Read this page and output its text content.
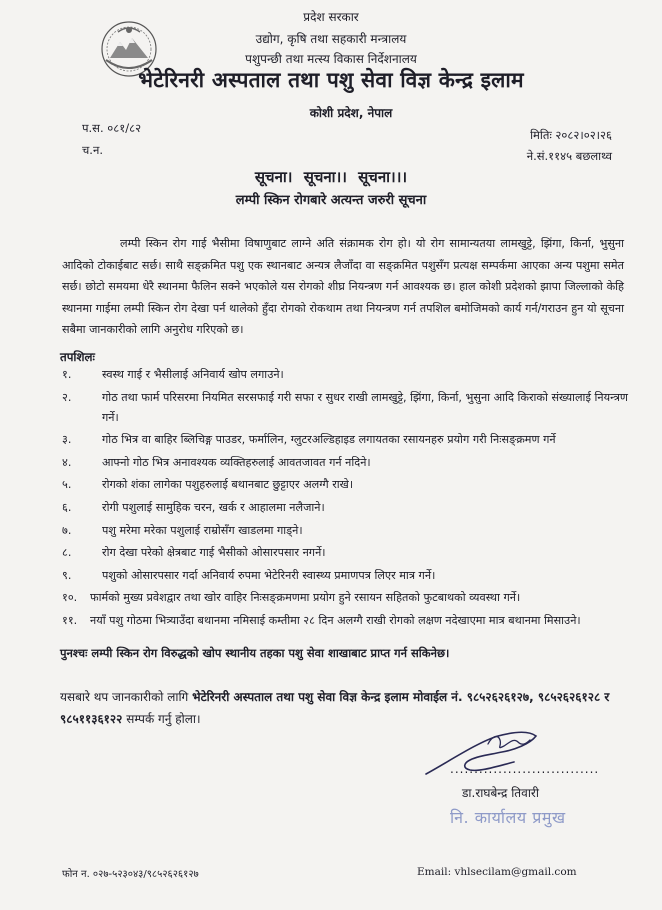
प्रदेश सरकार
उद्योग, कृषि तथा सहकारी मन्त्रालय
पशुपन्छी तथा मत्स्य विकास निर्देशनालय
भेटेरिनरी अस्पताल तथा पशु सेवा विज्ञ केन्द्र इलाम
कोशी प्रदेश, नेपाल
प.स. ०८१/८२
च.न.
मितिः २०८२।०२।२६
ने.सं.११४५ बछलाथ्व
सूचना। सूचना।। सूचना।।।
लम्पी स्किन रोगबारे अत्यन्त जरुरी सूचना
लम्पी स्किन रोग गाई भैसीमा विषाणुबाट लाग्ने अति संक्रामक रोग हो। यो रोग सामान्यतया लामखुट्टे, झिंगा, किर्ना, भुसुना आदिको टोकाईबाट सर्छ। साथै सङ्क्रमित पशु एक स्थानबाट अन्यत्र लैजाँदा वा सङ्क्रमित पशुसँग प्रत्यक्ष सम्पर्कमा आएका अन्य पशुमा समेत सर्छ। छोटो समयमा धेरै स्थानमा फैलिन सक्ने भएकोले यस रोगको शीघ्र नियन्त्रण गर्न आवश्यक छ। हाल कोशी प्रदेशको झापा जिल्लाको केहि स्थानमा गाईमा लम्पी स्किन रोग देखा पर्न थालेको हुँदा रोगको रोकथाम तथा नियन्त्रण गर्न तपशिल बमोजिमको कार्य गर्न/गराउन हुन यो सूचना सबैमा जानकारीको लागि अनुरोध गरिएको छ।
तपशिलः
१.	स्वस्थ गाई र भैसीलाई अनिवार्य खोप लगाउने।
२.	गोठ तथा फार्म परिसरमा नियमित सरसफाई गरी सफा र सुधर राखी लामखुट्टे, झिंगा, किर्ना, भुसुना आदि किराको संख्यालाई नियन्त्रण गर्ने।
३.	गोठ भित्र वा बाहिर ब्लिचिङ्ग पाउडर, फर्मालिन, ग्लुटरअल्डिहाइड लगायतका रसायनहरु प्रयोग गरी निःसङ्क्रमण गर्ने
४.	आफ्नो गोठ भित्र अनावश्यक व्यक्तिहरुलाई आवतजावत गर्न नदिने।
५.	रोगको शंका लागेका पशुहरुलाई बथानबाट छुट्टाएर अलग्गै राखे।
६.	रोगी पशुलाई सामुहिक चरन, खर्क र आहालमा नलैजाने।
७.	पशु मरेमा मरेका पशुलाई राम्रोसँग खाडलमा गाड्ने।
८.	रोग देखा परेको क्षेत्रबाट गाई भैसीको ओसारपसार नगर्ने।
९.	पशुको ओसारपसार गर्दा अनिवार्य रुपमा भेटेरिनरी स्वास्थ्य प्रमाणपत्र लिएर मात्र गर्ने।
१०.	फार्मको मुख्य प्रवेशद्वार तथा खोर वाहिर निःसङ्क्रमणमा प्रयोग हुने रसायन सहितको फुटबाथको व्यवस्था गर्ने।
११.	नयाँ पशु गोठमा भित्र्याउँदा बथानमा नमिसाई कम्तीमा २८ दिन अलग्गै राखी रोगको लक्षण नदेखाएमा मात्र बथानमा मिसाउने।
पुनश्चः लम्पी स्किन रोग विरुद्धको खोप स्थानीय तहका पशु सेवा शाखाबाट प्राप्त गर्न सकिनेछ।
यसबारे थप जानकारीको लागि भेटेरिनरी अस्पताल तथा पशु सेवा विज्ञ केन्द्र इलाम मोवाईल नं. ९८५२६२६१२७, ९८५२६२६१२८ र ९८५११३६१२२ सम्पर्क गर्नु होला।
...............................
डा.राघबेन्द्र तिवारी
नि. कार्यालय प्रमुख
फोन न. ०२७-५२३०४३/९८५२६२६१२७	Email: vhlsecilam@gmail.com
